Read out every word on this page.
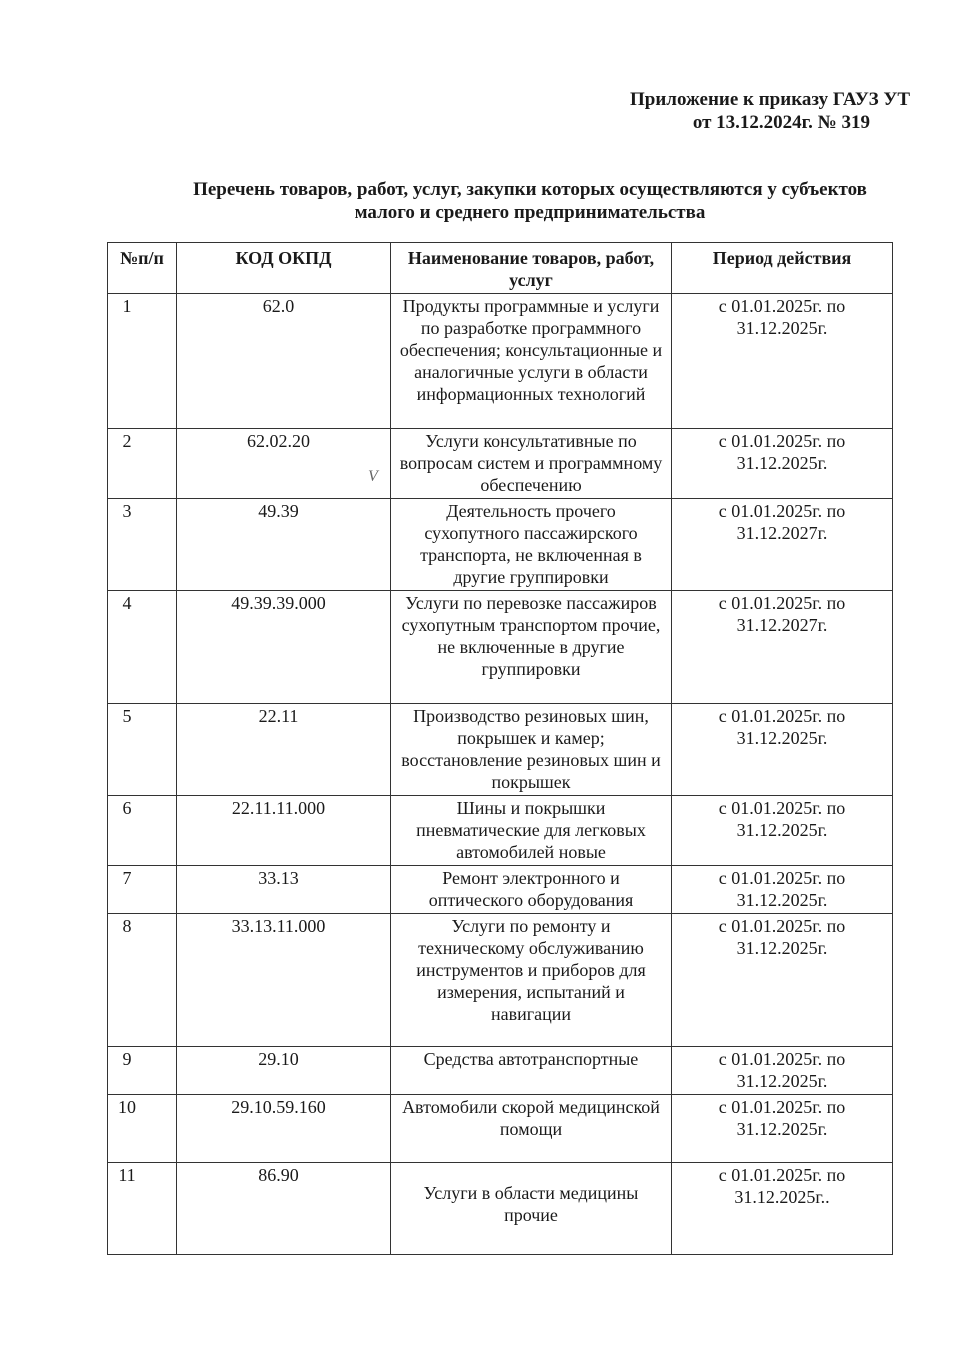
Приложение к приказу ГАУЗ УТ
от 13.12.2024г. № 319
Перечень товаров, работ, услуг, закупки которых осуществляются у субъектов
малого и среднего предпринимательства
V
№п/п	КОД ОКПД	Наименование товаров, работ, услуг	Период действия
1	62.0	Продукты программные и услуги по разработке программного обеспечения; консультационные и аналогичные услуги в области информационных технологий	с 01.01.2025г. по 31.12.2025г.
2	62.02.20	Услуги консультативные по вопросам систем и программному обеспечению	с 01.01.2025г. по 31.12.2025г.
3	49.39	Деятельность прочего сухопутного пассажирского транспорта, не включенная в другие группировки	с 01.01.2025г. по 31.12.2027г.
4	49.39.39.000	Услуги по перевозке пассажиров сухопутным транспортом прочие, не включенные в другие группировки	с 01.01.2025г. по 31.12.2027г.
5	22.11	Производство резиновых шин, покрышек и камер; восстановление резиновых шин и покрышек	с 01.01.2025г. по 31.12.2025г.
6	22.11.11.000	Шины и покрышки пневматические для легковых автомобилей новые	с 01.01.2025г. по 31.12.2025г.
7	33.13	Ремонт электронного и оптического оборудования	с 01.01.2025г. по 31.12.2025г.
8	33.13.11.000	Услуги по ремонту и техническому обслуживанию инструментов и приборов для измерения, испытаний и навигации	с 01.01.2025г. по 31.12.2025г.
9	29.10	Средства автотранспортные	с 01.01.2025г. по 31.12.2025г.
10	29.10.59.160	Автомобили скорой медицинской помощи	с 01.01.2025г. по 31.12.2025г.
11	86.90	Услуги в области медицины прочие	с 01.01.2025г. по 31.12.2025г..
